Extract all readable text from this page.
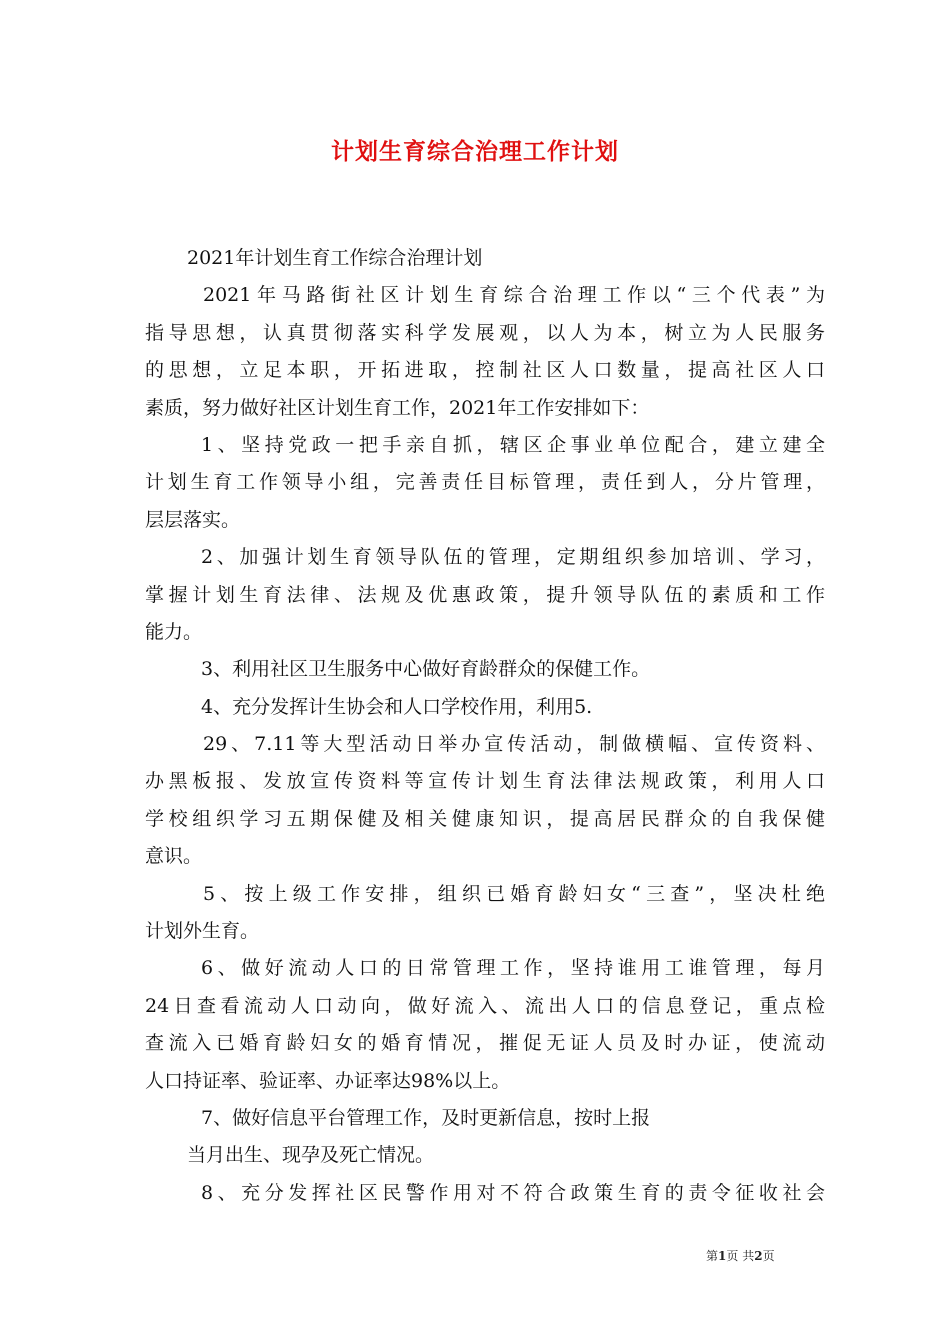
计划生育综合治理工作计划
2021年计划生育工作综合治理计划
2021年马路街社区计划生育综合治理工作以“三个代表”为
指导思想，认真贯彻落实科学发展观，以人为本，树立为人民服务
的思想，立足本职，开拓进取，控制社区人口数量，提高社区人口
素质，努力做好社区计划生育工作，2021年工作安排如下：
1、坚持党政一把手亲自抓，辖区企事业单位配合，建立建全
计划生育工作领导小组，完善责任目标管理，责任到人，分片管理，
层层落实。
2、加强计划生育领导队伍的管理，定期组织参加培训、学习，
掌握计划生育法律、法规及优惠政策，提升领导队伍的素质和工作
能力。
3、利用社区卫生服务中心做好育龄群众的保健工作。
4、充分发挥计生协会和人口学校作用，利用5.
29、7.11等大型活动日举办宣传活动，制做横幅、宣传资料、
办黑板报、发放宣传资料等宣传计划生育法律法规政策，利用人口
学校组织学习五期保健及相关健康知识，提高居民群众的自我保健
意识。
5、按上级工作安排，组织已婚育龄妇女“三查”，坚决杜绝
计划外生育。
6、做好流动人口的日常管理工作，坚持谁用工谁管理，每月
24日查看流动人口动向，做好流入、流出人口的信息登记，重点检
查流入已婚育龄妇女的婚育情况，摧促无证人员及时办证，使流动
人口持证率、验证率、办证率达98%以上。
7、做好信息平台管理工作，及时更新信息，按时上报
当月出生、现孕及死亡情况。
8、充分发挥社区民警作用对不符合政策生育的责令征收社会
第1页 共2页
